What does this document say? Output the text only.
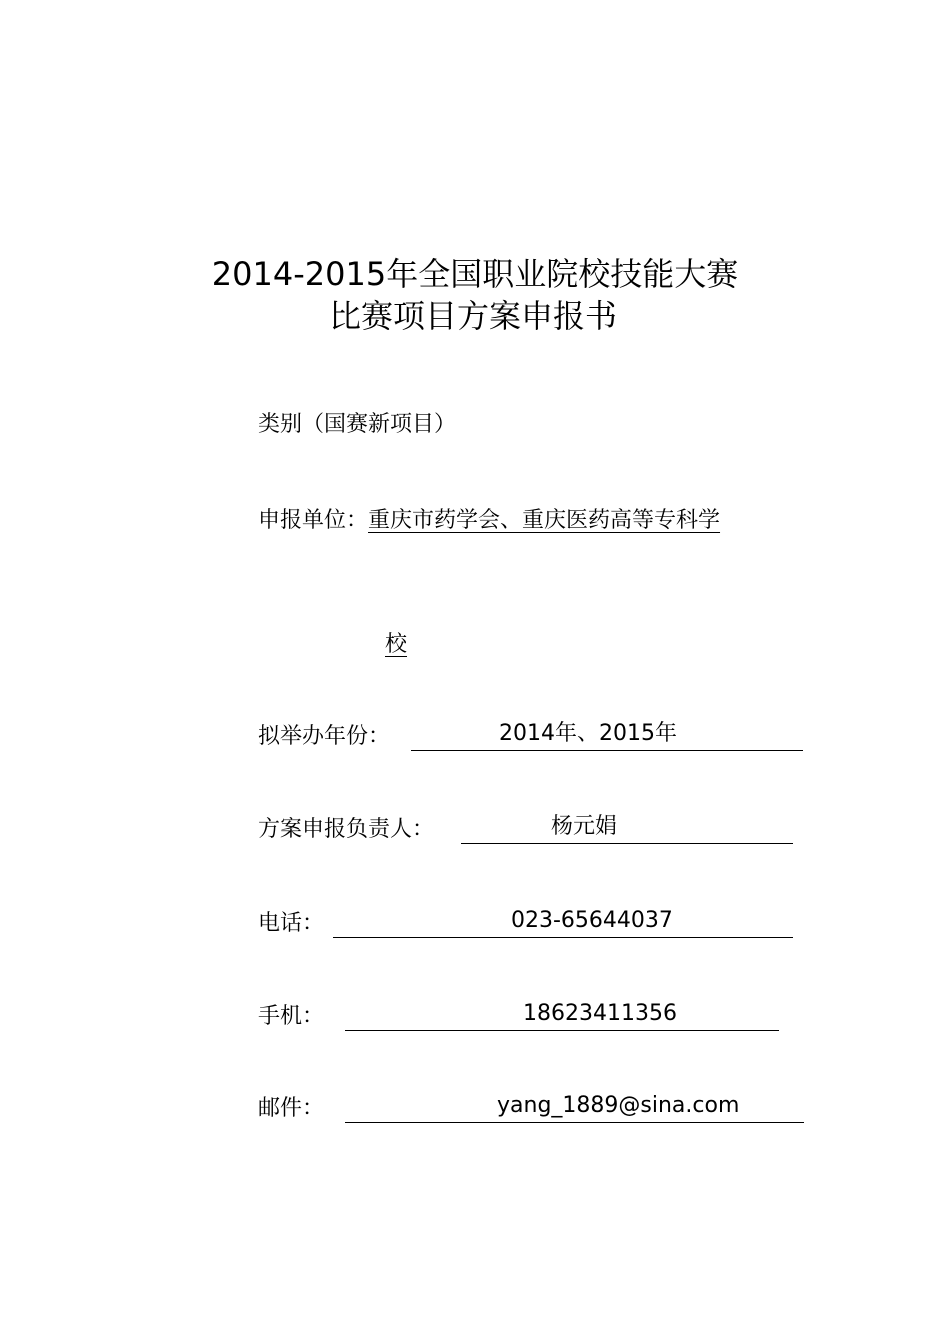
2014-2015年全国职业院校技能大赛
比赛项目方案申报书
类别（国赛新项目）
申报单位：重庆市药学会、重庆医药高等专科学
校
拟举办年份：	2014年、2015年
方案申报负责人：	杨元娟
电话：	023-65644037
手机：	18623411356
邮件：	yang_1889@sina.com
